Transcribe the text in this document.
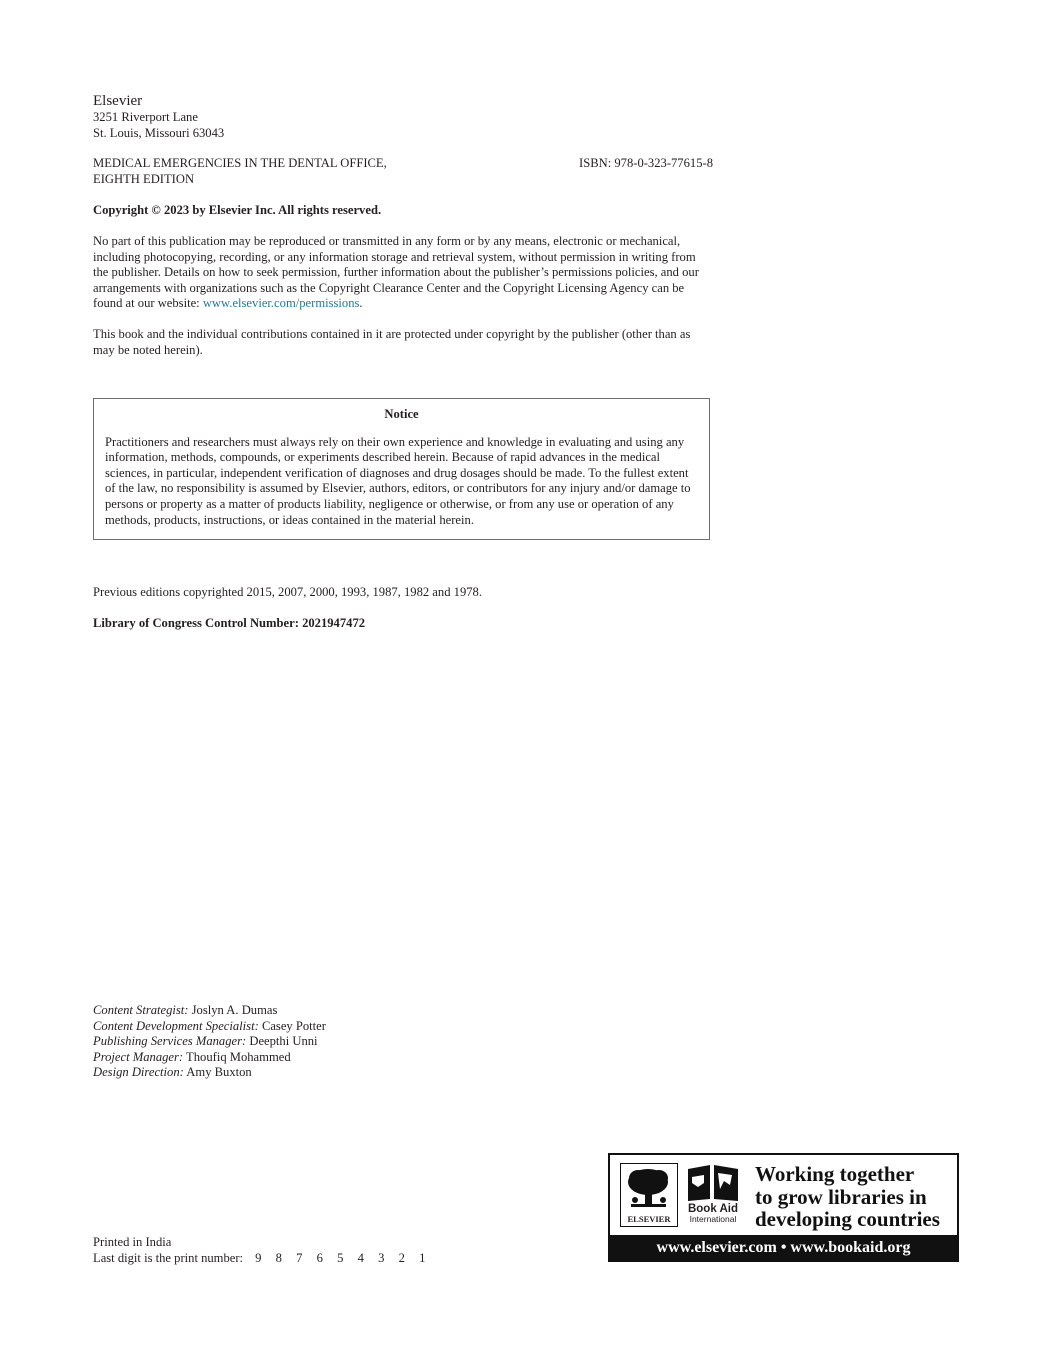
Elsevier
3251 Riverport Lane
St. Louis, Missouri 63043
MEDICAL EMERGENCIES IN THE DENTAL OFFICE,
EIGHTH EDITION
ISBN: 978-0-323-77615-8
Copyright © 2023 by Elsevier Inc. All rights reserved.
No part of this publication may be reproduced or transmitted in any form or by any means, electronic or mechanical, including photocopying, recording, or any information storage and retrieval system, without permission in writing from the publisher. Details on how to seek permission, further information about the publisher’s permissions policies, and our arrangements with organizations such as the Copyright Clearance Center and the Copyright Licensing Agency can be found at our website: www.elsevier.com/permissions.
This book and the individual contributions contained in it are protected under copyright by the publisher (other than as may be noted herein).
Notice
Practitioners and researchers must always rely on their own experience and knowledge in evaluating and using any information, methods, compounds, or experiments described herein. Because of rapid advances in the medical sciences, in particular, independent verification of diagnoses and drug dosages should be made. To the fullest extent of the law, no responsibility is assumed by Elsevier, authors, editors, or contributors for any injury and/or damage to persons or property as a matter of products liability, negligence or otherwise, or from any use or operation of any methods, products, instructions, or ideas contained in the material herein.
Previous editions copyrighted 2015, 2007, 2000, 1993, 1987, 1982 and 1978.
Library of Congress Control Number: 2021947472
Content Strategist: Joslyn A. Dumas
Content Development Specialist: Casey Potter
Publishing Services Manager: Deepthi Unni
Project Manager: Thoufiq Mohammed
Design Direction: Amy Buxton
Printed in India
Last digit is the print number: 9 8 7 6 5 4 3 2 1
ELSEVIER
Book Aid
International
Working together
to grow libraries in
developing countries
www.elsevier.com • www.bookaid.org
